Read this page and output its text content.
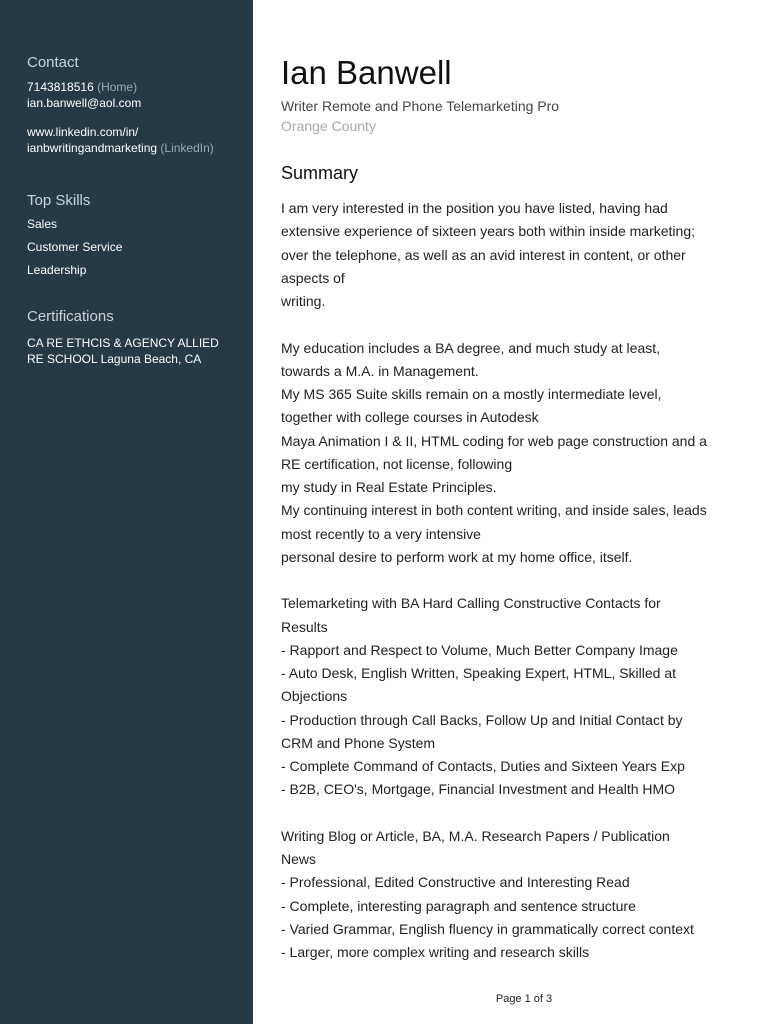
Contact
7143818516 (Home)
ian.banwell@aol.com
www.linkedin.com/in/
ianbwritingandmarketing (LinkedIn)
Top Skills
Sales
Customer Service
Leadership
Certifications
CA RE ETHCIS & AGENCY ALLIED
RE SCHOOL Laguna Beach, CA
Ian Banwell
Writer Remote and Phone Telemarketing Pro
Orange County
Summary
I am very interested in the position you have listed, having had
extensive experience of sixteen years both within inside marketing;
over the telephone, as well as an avid interest in content, or other
aspects of
writing.
My education includes a BA degree, and much study at least,
towards a M.A. in Management.
My MS 365 Suite skills remain on a mostly intermediate level,
together with college courses in Autodesk
Maya Animation I & II, HTML coding for web page construction and a
RE certification, not license, following
my study in Real Estate Principles.
My continuing interest in both content writing, and inside sales, leads
most recently to a very intensive
personal desire to perform work at my home office, itself.
Telemarketing with BA Hard Calling Constructive Contacts for
Results
- Rapport and Respect to Volume, Much Better Company Image
- Auto Desk, English Written, Speaking Expert, HTML, Skilled at
Objections
- Production through Call Backs, Follow Up and Initial Contact by
CRM and Phone System
- Complete Command of Contacts, Duties and Sixteen Years Exp
- B2B, CEO's, Mortgage, Financial Investment and Health HMO
Writing Blog or Article, BA, M.A. Research Papers / Publication
News
- Professional, Edited Constructive and Interesting Read
- Complete, interesting paragraph and sentence structure
- Varied Grammar, English fluency in grammatically correct context
- Larger, more complex writing and research skills
Page 1 of 3
